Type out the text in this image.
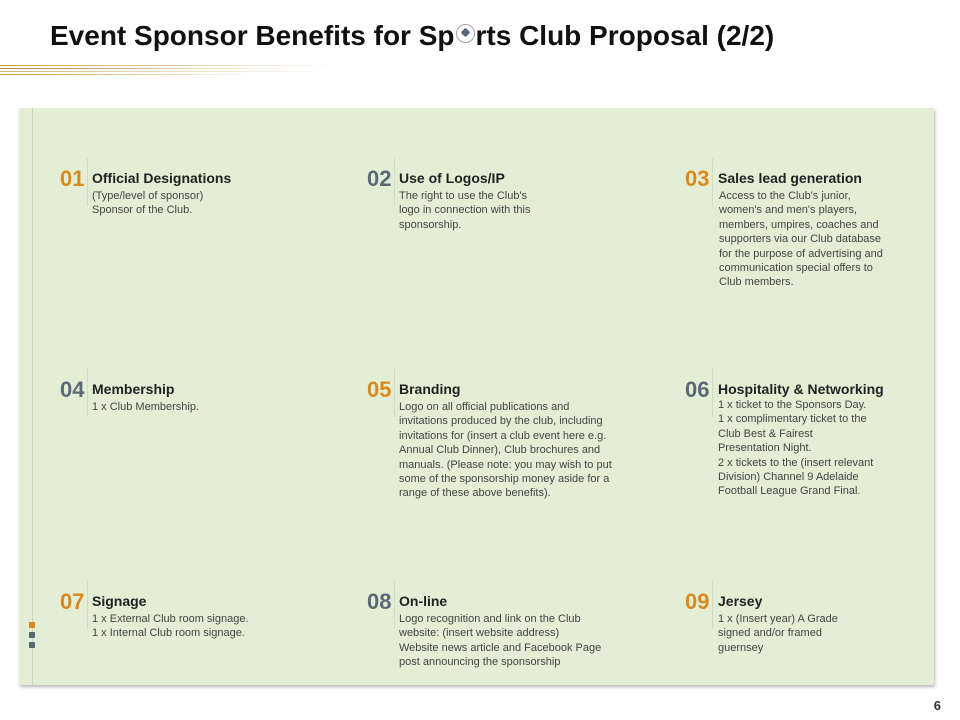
Event Sponsor Benefits for Sp rts Club Proposal (2/2)
01 Official Designations
(Type/level of sponsor)
Sponsor of the Club.
02 Use of Logos/IP
The right to use the Club's
logo in connection with this
sponsorship.
03 Sales lead generation
Access to the Club's junior,
women's and men's players,
members, umpires, coaches and
supporters via our Club database
for the purpose of advertising and
communication special offers to
Club members.
04 Membership
1 x Club Membership.
05 Branding
Logo on all official publications and
invitations produced by the club, including
invitations for (insert a club event here e.g.
Annual Club Dinner), Club brochures and
manuals. (Please note: you may wish to put
some of the sponsorship money aside for a
range of these above benefits).
06 Hospitality & Networking
1 x ticket to the Sponsors Day.
1 x complimentary ticket to the
Club Best & Fairest
Presentation Night.
2 x tickets to the (insert relevant
Division) Channel 9 Adelaide
Football League Grand Final.
07 Signage
1 x External Club room signage.
1 x Internal Club room signage.
08 On-line
Logo recognition and link on the Club
website: (insert website address)
Website news article and Facebook Page
post announcing the sponsorship
09 Jersey
1 x (Insert year) A Grade
signed and/or framed
guernsey
6
